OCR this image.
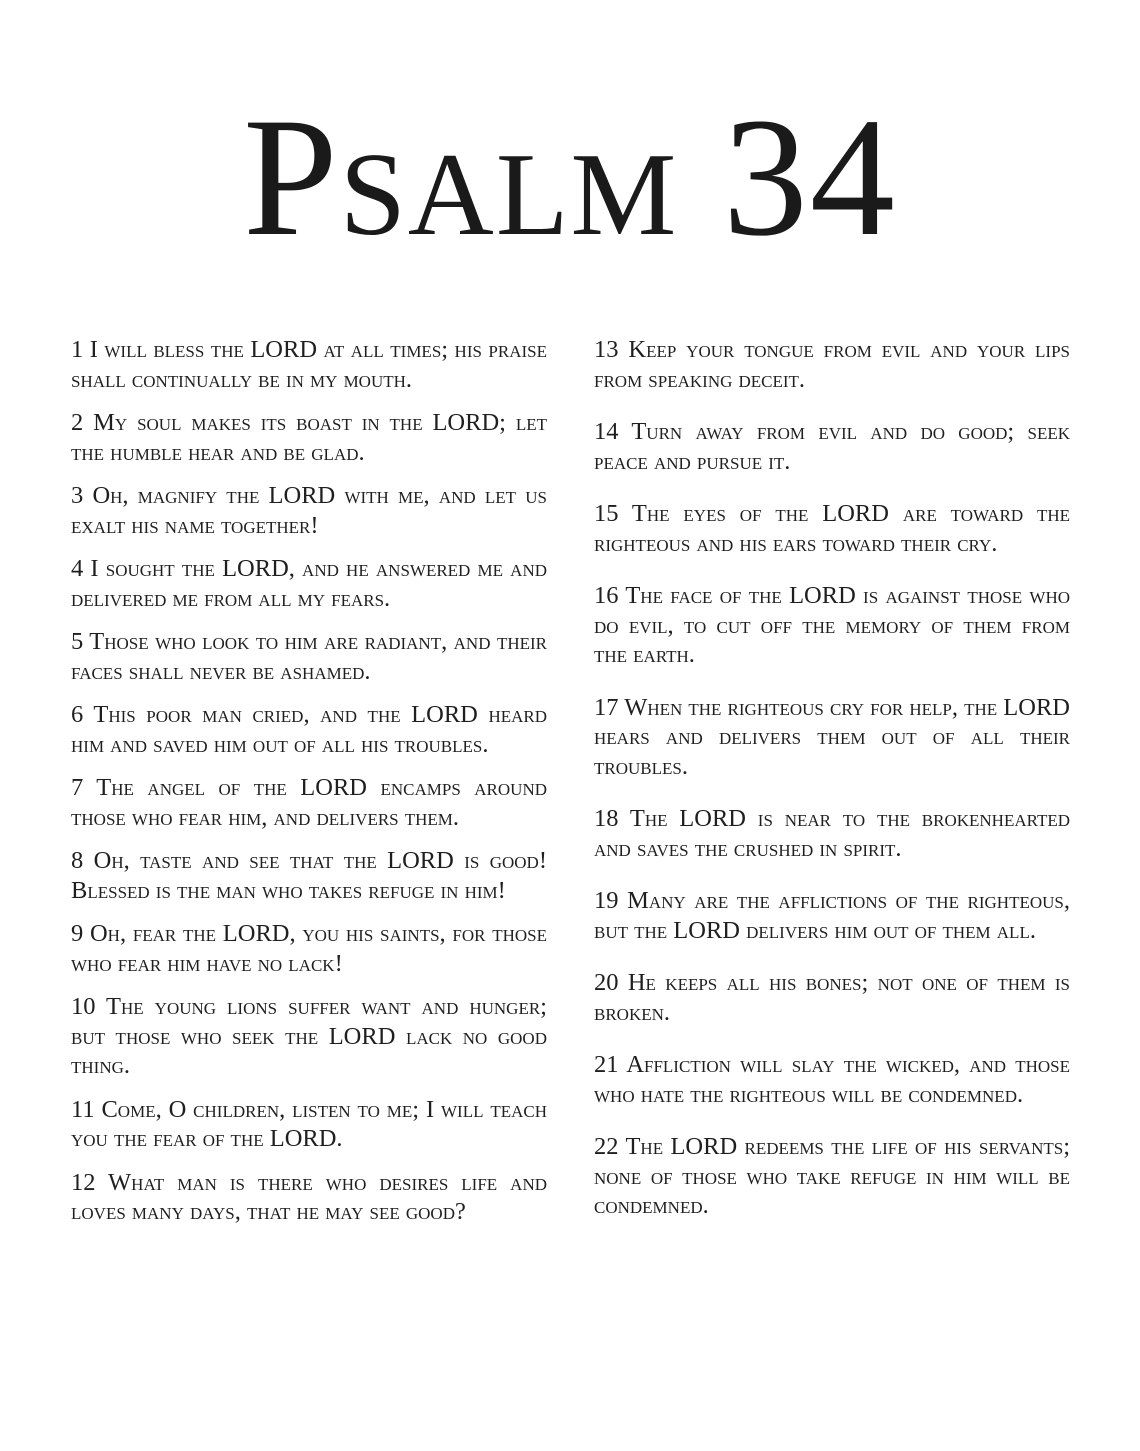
Psalm 34

1 I will bless the LORD at all times; his praise shall continually be in my mouth.

2 My soul makes its boast in the LORD; let the humble hear and be glad.

3 Oh, magnify the LORD with me, and let us exalt his name together!

4 I sought the LORD, and he answered me and delivered me from all my fears.

5 Those who look to him are radiant, and their faces shall never be ashamed.

6 This poor man cried, and the LORD heard him and saved him out of all his troubles.

7 The angel of the LORD encamps around those who fear him, and delivers them.

8 Oh, taste and see that the LORD is good! Blessed is the man who takes refuge in him!

9 Oh, fear the LORD, you his saints, for those who fear him have no lack!

10 The young lions suffer want and hunger; but those who seek the LORD lack no good thing.

11 Come, O children, listen to me; I will teach you the fear of the LORD.

12 What man is there who desires life and loves many days, that he may see good?

13 Keep your tongue from evil and your lips from speaking deceit.

14 Turn away from evil and do good; seek peace and pursue it.

15 The eyes of the LORD are toward the righteous and his ears toward their cry.

16 The face of the LORD is against those who do evil, to cut off the memory of them from the earth.

17 When the righteous cry for help, the LORD hears and delivers them out of all their troubles.

18 The LORD is near to the brokenhearted and saves the crushed in spirit.

19 Many are the afflictions of the righteous, but the LORD delivers him out of them all.

20 He keeps all his bones; not one of them is broken.

21 Affliction will slay the wicked, and those who hate the righteous will be condemned.

22 The LORD redeems the life of his servants; none of those who take refuge in him will be condemned.
